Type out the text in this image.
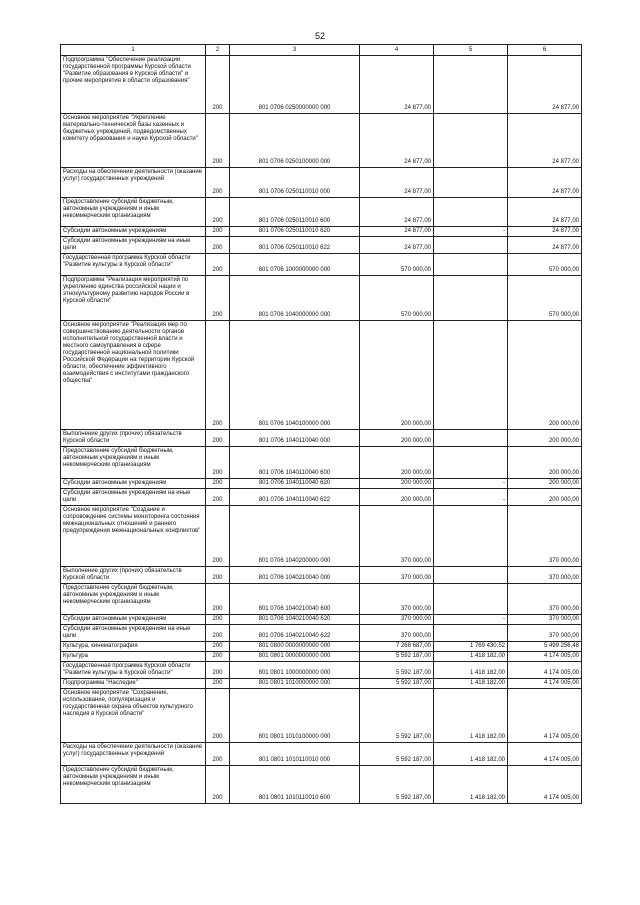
52
1	2	3	4	5	6
Подпрограмма "Обеспечение реализации государственной программы Курской области "Развитие образования в Курской области" и прочие мероприятия в области образования"	200	801 0706 0250000000 000	24 877,00		24 877,00
Основное мероприятие "Укрепление материально-технической базы казенных и бюджетных учреждений, подведомственных комитету образования и науки Курской области"	200	801 0706 0250100000 000	24 877,00		24 877,00
Расходы на обеспечение деятельности (оказание услуг) государственных учреждений	200	801 0706 0250110010 000	24 877,00		24 877,00
Предоставление субсидий бюджетным, автономным учреждениям и иным некоммерческим организациям	200	801 0706 0250110010 600	24 877,00		24 877,00
Субсидии автономным учреждениям	200	801 0706 0250110010 620	24 877,00	-	24 877,00
Субсидии автономным учреждениям на иные цели	200	801 0706 0250110010 622	24 877,00		24 877,00
Государственная программа Курской области "Развитие культуры в Курской области"	200	801 0706 1000000000 000	570 000,00		570 000,00
Подпрограмма "Реализация мероприятий по укреплению единства российской нации и этнокультурному развитию народов России в Курской области"	200	801 0706 1040000000 000	570 000,00		570 000,00
Основное мероприятие "Реализация мер по совершенствованию деятельности органов исполнительной государственной власти и местного самоуправления в сфере государственной национальной политики Российской Федерации на территории Курской области, обеспечение эффективного взаимодействия с институтами гражданского общества"	200	801 0706 1040100000 000	200 000,00		200 000,00
Выполнение других (прочих) обязательств Курской области	200	801 0706 1040110040 000	200 000,00		200 000,00
Предоставление субсидий бюджетным, автономным учреждениям и иным некоммерческим организациям	200	801 0706 1040110040 600	200 000,00		200 000,00
Субсидии автономным учреждениям	200	801 0706 1040110040 620	200 000,00	-	200 000,00
Субсидии автономным учреждениям на иные цели	200	801 0706 1040110040 622	200 000,00	-	200 000,00
Основное мероприятие "Создание и сопровождение системы мониторинга состояния межнациональных отношений и раннего предупреждения межнациональных конфликтов"	200	801 0706 1040200000 000	370 000,00		370 000,00
Выполнение других (прочих) обязательств Курской области	200	801 0706 1040210040 000	370 000,00		370 000,00
Предоставление субсидий бюджетным, автономным учреждениям и иным некоммерческим организациям	200	801 0706 1040210040 600	370 000,00		370 000,00
Субсидии автономным учреждениям	200	801 0706 1040210040 620	370 000,00	-	370 000,00
Субсидии автономным учреждениям на иные цели	200	801 0706 1040210040 622	370 000,00		370 000,00
Культура, кинематография	200	801 0800 0000000000 000	7 268 687,00	1 769 430,52	5 499 256,48
Культура	200	801 0801 0000000000 000	5 592 187,00	1 418 182,00	4 174 005,00
Государственная программа Курской области "Развитие культуры в Курской области"	200	801 0801 1000000000 000	5 592 187,00	1 418 182,00	4 174 005,00
Подпрограмма "Наследие"	200	801 0801 1010000000 000	5 592 187,00	1 418 182,00	4 174 005,00
Основное мероприятие "Сохранение, использование, популяризация и государственная охрана объектов культурного наследия в Курской области"	200	801 0801 1010100000 000	5 592 187,00	1 418 182,00	4 174 005,00
Расходы на обеспечение деятельности (оказание услуг) государственных учреждений	200	801 0801 1010110010 000	5 592 187,00	1 418 182,00	4 174 005,00
Предоставление субсидий бюджетным, автономным учреждениям и иным некоммерческим организациям	200	801 0801 1010110010 600	5 592 187,00	1 418 182,00	4 174 005,00
